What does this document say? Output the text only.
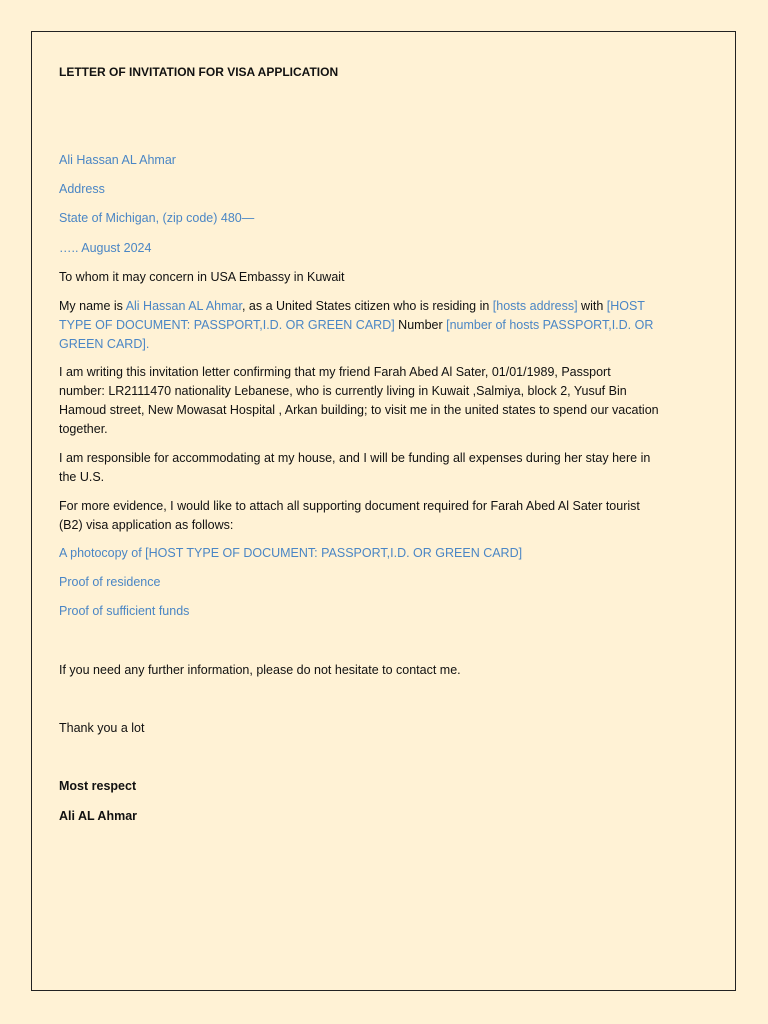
LETTER OF INVITATION FOR VISA APPLICATION

Ali Hassan AL Ahmar

Address

State of Michigan, (zip code) 480—

….. August 2024

To whom it may concern in USA Embassy in Kuwait

My name is Ali Hassan AL Ahmar, as a United States citizen who is residing in [hosts address] with [HOST TYPE OF DOCUMENT: PASSPORT,I.D. OR GREEN CARD] Number [number of hosts PASSPORT,I.D. OR GREEN CARD].

I am writing this invitation letter confirming that my friend Farah Abed Al Sater, 01/01/1989, Passport number: LR2111470 nationality Lebanese, who is currently living in Kuwait ,Salmiya, block 2, Yusuf Bin Hamoud street, New Mowasat Hospital , Arkan building; to visit me in the united states to spend our vacation together.

I am responsible for accommodating at my house, and I will be funding all expenses during her stay here in the U.S.

For more evidence, I would like to attach all supporting document required for Farah Abed Al Sater tourist (B2) visa application as follows:

A photocopy of [HOST TYPE OF DOCUMENT: PASSPORT,I.D. OR GREEN CARD]

Proof of residence

Proof of sufficient funds

If you need any further information, please do not hesitate to contact me.

Thank you a lot

Most respect

Ali AL Ahmar
